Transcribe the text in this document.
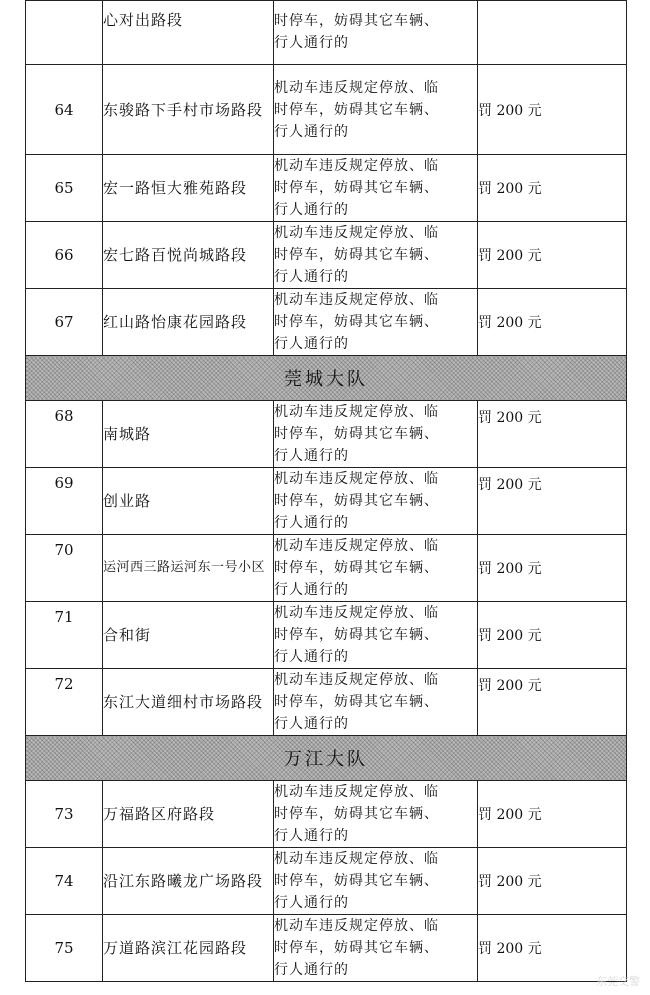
	心对出路段	时停车，妨碍其它车辆、
行人通行的	

64	东骏路下手村市场路段	机动车违反规定停放、临
时停车，妨碍其它车辆、
行人通行的	罚 200 元
65	宏一路恒大雅苑路段	机动车违反规定停放、临
时停车，妨碍其它车辆、
行人通行的	罚 200 元
66	宏七路百悦尚城路段	机动车违反规定停放、临
时停车，妨碍其它车辆、
行人通行的	罚 200 元
67	红山路怡康花园路段	机动车违反规定停放、临
时停车，妨碍其它车辆、
行人通行的	罚 200 元
莞城大队			
68	南城路	机动车违反规定停放、临
时停车，妨碍其它车辆、
行人通行的	罚 200 元
69	创业路	机动车违反规定停放、临
时停车，妨碍其它车辆、
行人通行的	罚 200 元
70	运河西三路运河东一号小区	机动车违反规定停放、临
时停车，妨碍其它车辆、
行人通行的	罚 200 元
71	合和街	机动车违反规定停放、临
时停车，妨碍其它车辆、
行人通行的	罚 200 元
72	东江大道细村市场路段	机动车违反规定停放、临
时停车，妨碍其它车辆、
行人通行的	罚 200 元
万江大队			
73	万福路区府路段	机动车违反规定停放、临
时停车，妨碍其它车辆、
行人通行的	罚 200 元
74	沿江东路曦龙广场路段	机动车违反规定停放、临
时停车，妨碍其它车辆、
行人通行的	罚 200 元
75	万道路滨江花园路段	机动车违反规定停放、临
时停车，妨碍其它车辆、
行人通行的	罚 200 元
东莞交警
